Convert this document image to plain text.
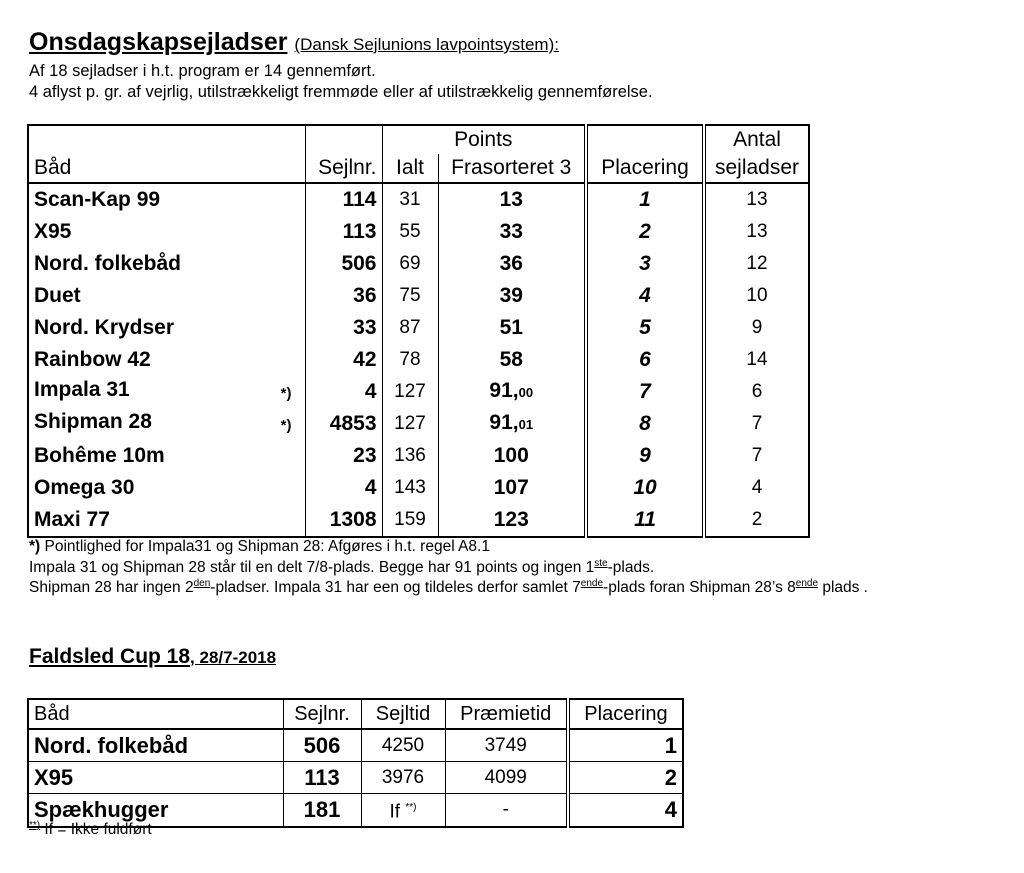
Onsdagskapsejladser (Dansk Sejlunions lavpointsystem):
Af 18 sejladser i h.t. program er 14 gennemført.
4 aflyst p. gr. af vejrlig, utilstrækkeligt fremmøde eller af utilstrækkelig gennemførelse.
		Points			Antal
Båd	Sejlnr.	Ialt	Frasorteret 3	Placering	sejladser
Scan-Kap 99	114	31	13	1	13
X95	113	55	33	2	13
Nord. folkebåd	506	69	36	3	12
Duet	36	75	39	4	10
Nord. Krydser	33	87	51	5	9
Rainbow 42	42	78	58	6	14

*)
Impala 31	4	127	91,00	7	6

*)
Shipman 28	4853	127	91,01	8	7
Bohême 10m	23	136	100	9	7
Omega 30	4	143	107	10	4
Maxi 77	1308	159	123	11	2
*) Pointlighed for Impala31 og Shipman 28: Afgøres i h.t. regel A8.1
Impala 31 og Shipman 28 står til en delt 7/8-plads. Begge har 91 points og ingen 1ste-plads.
Shipman 28 har ingen $2^{den}$-pladser. Impala 31 har een og tildeles derfor samlet $7^{ende}$-plads foran Shipman 28’s $8^{ende}$ plads .
Faldsled Cup 18, 28/7-2018
Båd	Sejlnr.	Sejltid	Præmietid	Placering
Nord. folkebåd	506	4250	3749	1
X95	113	3976	4099	2
Spækhugger	181	If **)	-	4
**) If = Ikke fuldført
